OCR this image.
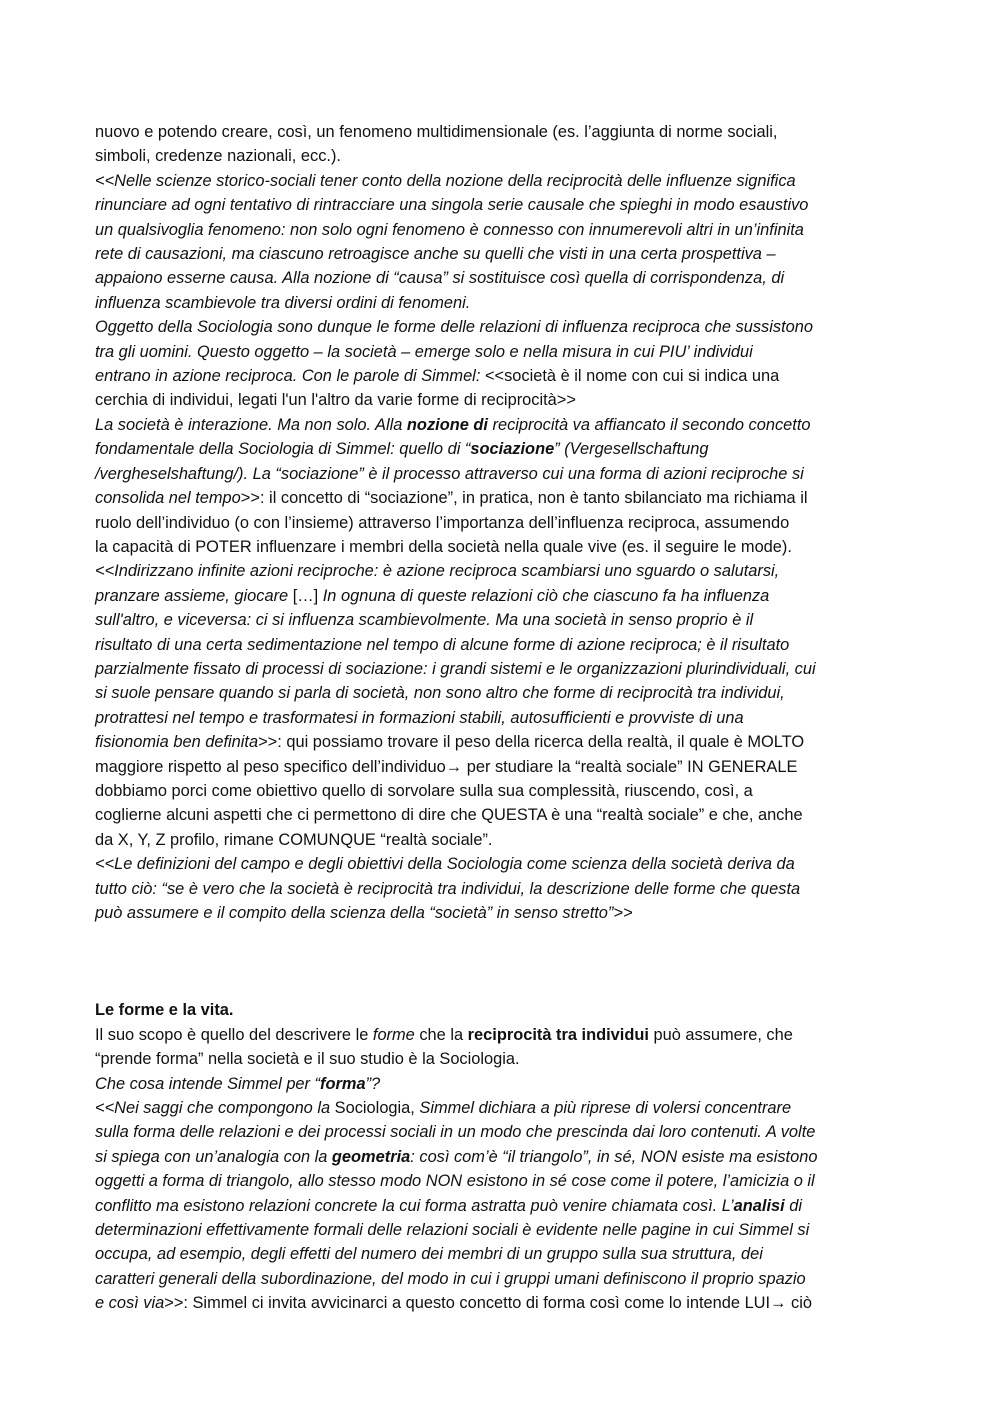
nuovo e potendo creare, così, un fenomeno multidimensionale (es. l’aggiunta di norme sociali,
simboli, credenze nazionali, ecc.).
<<Nelle scienze storico-sociali tener conto della nozione della reciprocità delle influenze significa
rinunciare ad ogni tentativo di rintracciare una singola serie causale che spieghi in modo esaustivo
un qualsivoglia fenomeno: non solo ogni fenomeno è connesso con innumerevoli altri in un’infinita
rete di causazioni, ma ciascuno retroagisce anche su quelli che visti in una certa prospettiva –
appaiono esserne causa. Alla nozione di “causa” si sostituisce così quella di corrispondenza, di
influenza scambievole tra diversi ordini di fenomeni.
Oggetto della Sociologia sono dunque le forme delle relazioni di influenza reciproca che sussistono
tra gli uomini. Questo oggetto – la società – emerge solo e nella misura in cui PIU’ individui
entrano in azione reciproca. Con le parole di Simmel: <<società è il nome con cui si indica una
cerchia di individui, legati l'un l'altro da varie forme di reciprocità>>
La società è interazione. Ma non solo. Alla nozione di reciprocità va affiancato il secondo concetto
fondamentale della Sociologia di Simmel: quello di “sociazione” (Vergesellschaftung
/vergheselshaftung/). La “sociazione” è il processo attraverso cui una forma di azioni reciproche si
consolida nel tempo>>: il concetto di “sociazione”, in pratica, non è tanto sbilanciato ma richiama il
ruolo dell’individuo (o con l’insieme) attraverso l’importanza dell’influenza reciproca, assumendo
la capacità di POTER influenzare i membri della società nella quale vive (es. il seguire le mode).
<<Indirizzano infinite azioni reciproche: è azione reciproca scambiarsi uno sguardo o salutarsi,
pranzare assieme, giocare […] In ognuna di queste relazioni ciò che ciascuno fa ha influenza
sull'altro, e viceversa: ci si influenza scambievolmente. Ma una società in senso proprio è il
risultato di una certa sedimentazione nel tempo di alcune forme di azione reciproca; è il risultato
parzialmente fissato di processi di sociazione: i grandi sistemi e le organizzazioni plurindividuali, cui
si suole pensare quando si parla di società, non sono altro che forme di reciprocità tra individui,
protrattesi nel tempo e trasformatesi in formazioni stabili, autosufficienti e provviste di una
fisionomia ben definita>>: qui possiamo trovare il peso della ricerca della realtà, il quale è MOLTO
maggiore rispetto al peso specifico dell’individuo→ per studiare la “realtà sociale” IN GENERALE
dobbiamo porci come obiettivo quello di sorvolare sulla sua complessità, riuscendo, così, a
coglierne alcuni aspetti che ci permettono di dire che QUESTA è una “realtà sociale” e che, anche
da X, Y, Z profilo, rimane COMUNQUE “realtà sociale”.
<<Le definizioni del campo e degli obiettivi della Sociologia come scienza della società deriva da
tutto ciò: “se è vero che la società è reciprocità tra individui, la descrizione delle forme che questa
può assumere e il compito della scienza della “società” in senso stretto”>>
Le forme e la vita.
Il suo scopo è quello del descrivere le forme che la reciprocità tra individui può assumere, che
“prende forma” nella società e il suo studio è la Sociologia.
Che cosa intende Simmel per “forma”?
<<Nei saggi che compongono la Sociologia, Simmel dichiara a più riprese di volersi concentrare
sulla forma delle relazioni e dei processi sociali in un modo che prescinda dai loro contenuti. A volte
si spiega con un’analogia con la geometria: così com’è “il triangolo”, in sé, NON esiste ma esistono
oggetti a forma di triangolo, allo stesso modo NON esistono in sé cose come il potere, l’amicizia o il
conflitto ma esistono relazioni concrete la cui forma astratta può venire chiamata così. L’analisi di
determinazioni effettivamente formali delle relazioni sociali è evidente nelle pagine in cui Simmel si
occupa, ad esempio, degli effetti del numero dei membri di un gruppo sulla sua struttura, dei
caratteri generali della subordinazione, del modo in cui i gruppi umani definiscono il proprio spazio
e così via>>: Simmel ci invita avvicinarci a questo concetto di forma così come lo intende LUI→ ciò
